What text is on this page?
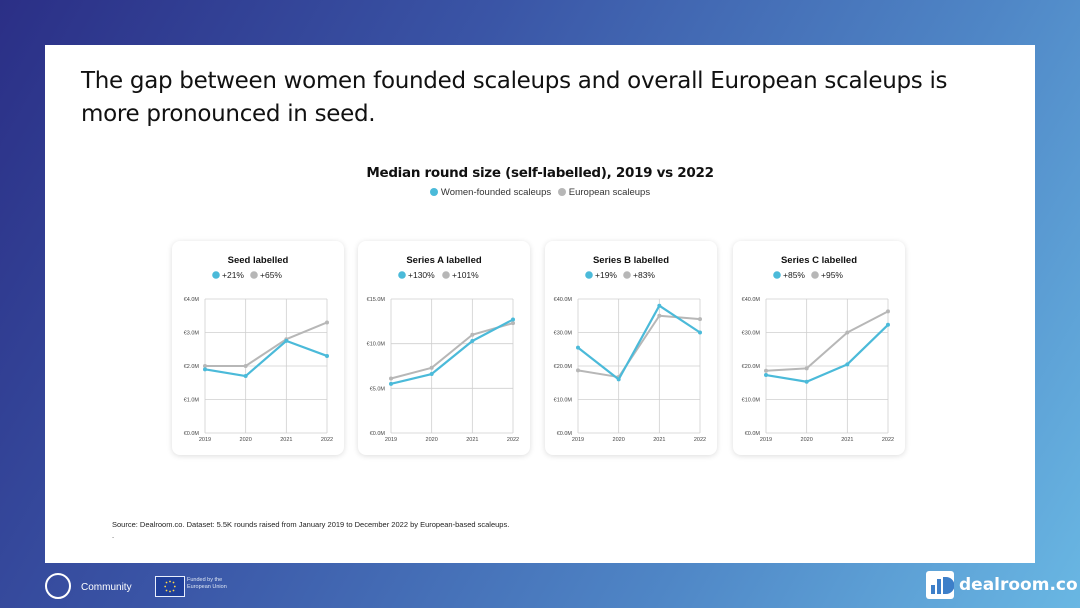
The gap between women founded scaleups and overall European scaleups is more pronounced in seed.
Median round size (self-labelled), 2019 vs 2022
Women-founded scaleups European scaleups
Seed labelled
+21% +65%
€0.0M
€1.0M
€2.0M
€3.0M
€4.0M
2019	2020	2021	2022
Series A labelled
+130% +101%
€0.0M
€5.0M
€10.0M
€15.0M
2019	2020	2021	2022
Series B labelled
+19% +83%
€0.0M
€10.0M
€20.0M
€30.0M
€40.0M
2019	2020	2021	2022
Series C labelled
+85% +95%
€0.0M
€10.0M
€20.0M
€30.0M
€40.0M
2019	2020	2021	2022
Source: Dealroom.co. Dataset: 5.5K rounds raised from January 2019 to December 2022 by European-based scaleups.
.
Community
Funded by the European Union	dealroom.co
